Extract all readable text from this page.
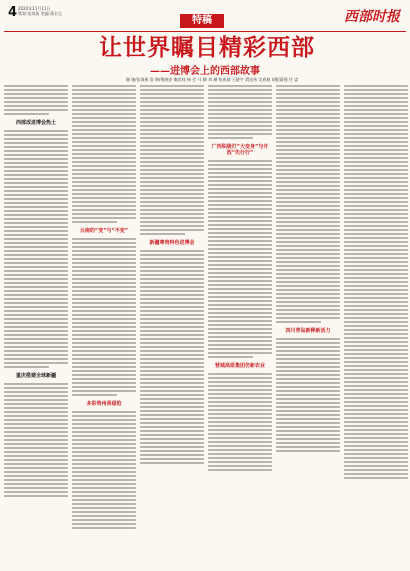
4 2020年11月11日
策划:张海燕 美编:蒲名豆
特稿	西部时报
让世界瞩目精彩西部
——进博会上的西部故事
谢 驰/张海燕 詹 锦/相晓安 谢希桂 杨 会 马 腾 刘 琳 焦成晟 王晓宇 滑达伟 吴春旭 胡阳蔚强 任 睿
西部成进博会热土
重庆搭建全球新疆
云南的“变”与“不变”
多彩贵州香甜抢
新疆尊贵特色进博会
广西积极打“大变身”与开放“先行行”
营城高原集团仿新农业
四川青岛新释新活力
